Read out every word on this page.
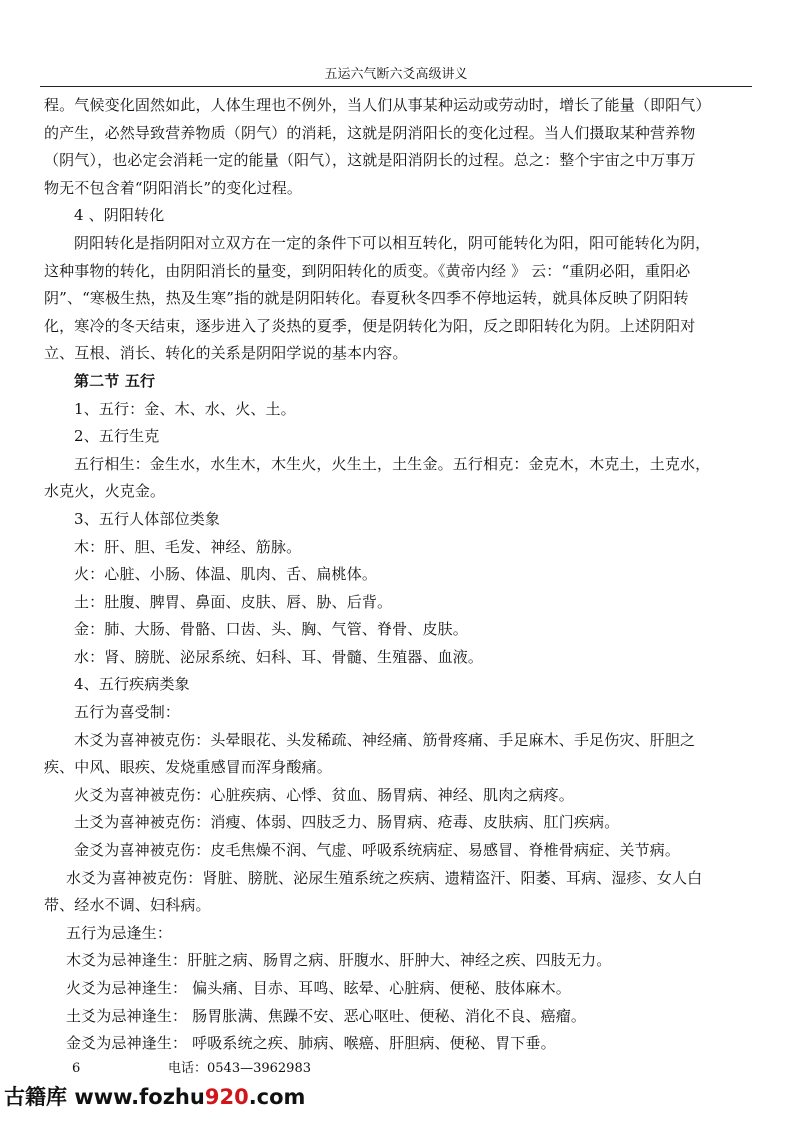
五运六气断六爻高级讲义

程。气候变化固然如此，人体生理也不例外，当人们从事某种运动或劳动时，增长了能量（即阳气）

的产生，必然导致营养物质（阴气）的消耗，这就是阴消阳长的变化过程。当人们摄取某种营养物

（阴气），也必定会消耗一定的能量（阳气），这就是阳消阴长的过程。总之：整个宇宙之中万事万

物无不包含着“阴阳消长”的变化过程。

4 、阴阳转化

阴阳转化是指阴阳对立双方在一定的条件下可以相互转化，阴可能转化为阳，阳可能转化为阴，

这种事物的转化，由阴阳消长的量变，到阴阳转化的质变。《黄帝内经 》 云：“重阴必阳，重阳必

阴”、“寒极生热，热及生寒”指的就是阴阳转化。春夏秋冬四季不停地运转，就具体反映了阴阳转

化，寒冷的冬天结束，逐步进入了炎热的夏季，便是阴转化为阳，反之即阳转化为阴。上述阴阳对

立、互根、消长、转化的关系是阴阳学说的基本内容。

第二节 五行

1、五行：金、木、水、火、土。

2、五行生克

五行相生：金生水，水生木，木生火，火生土，土生金。五行相克：金克木，木克土，土克水，

水克火，火克金。

3、五行人体部位类象

木：肝、胆、毛发、神经、筋脉。

火：心脏、小肠、体温、肌肉、舌、扁桃体。

土：肚腹、脾胃、鼻面、皮肤、唇、胁、后背。

金：肺、大肠、骨骼、口齿、头、胸、气管、脊骨、皮肤。

水：肾、膀胱、泌尿系统、妇科、耳、骨髓、生殖器、血液。

4、五行疾病类象

五行为喜受制：

木爻为喜神被克伤：头晕眼花、头发稀疏、神经痛、筋骨疼痛、手足麻木、手足伤灾、肝胆之

疾、中风、眼疾、发烧重感冒而浑身酸痛。

火爻为喜神被克伤：心脏疾病、心悸、贫血、肠胃病、神经、肌肉之病疼。

土爻为喜神被克伤：消瘦、体弱、四肢乏力、肠胃病、疮毒、皮肤病、肛门疾病。

金爻为喜神被克伤：皮毛焦燥不润、气虚、呼吸系统病症、易感冒、脊椎骨病症、关节病。

水爻为喜神被克伤：肾脏、膀胱、泌尿生殖系统之疾病、遗精盗汗、阳萎、耳病、湿疹、女人白

带、经水不调、妇科病。

五行为忌逢生：

木爻为忌神逢生：肝脏之病、肠胃之病、肝腹水、肝肿大、神经之疾、四肢无力。

火爻为忌神逢生： 偏头痛、目赤、耳鸣、眩晕、心脏病、便秘、肢体麻木。

土爻为忌神逢生： 肠胃胀满、焦躁不安、恶心呕吐、便秘、消化不良、癌瘤。

金爻为忌神逢生： 呼吸系统之疾、肺病、喉癌、肝胆病、便秘、胃下垂。

6	电话：0543—3962983
古籍库 www.fozhu920.com
